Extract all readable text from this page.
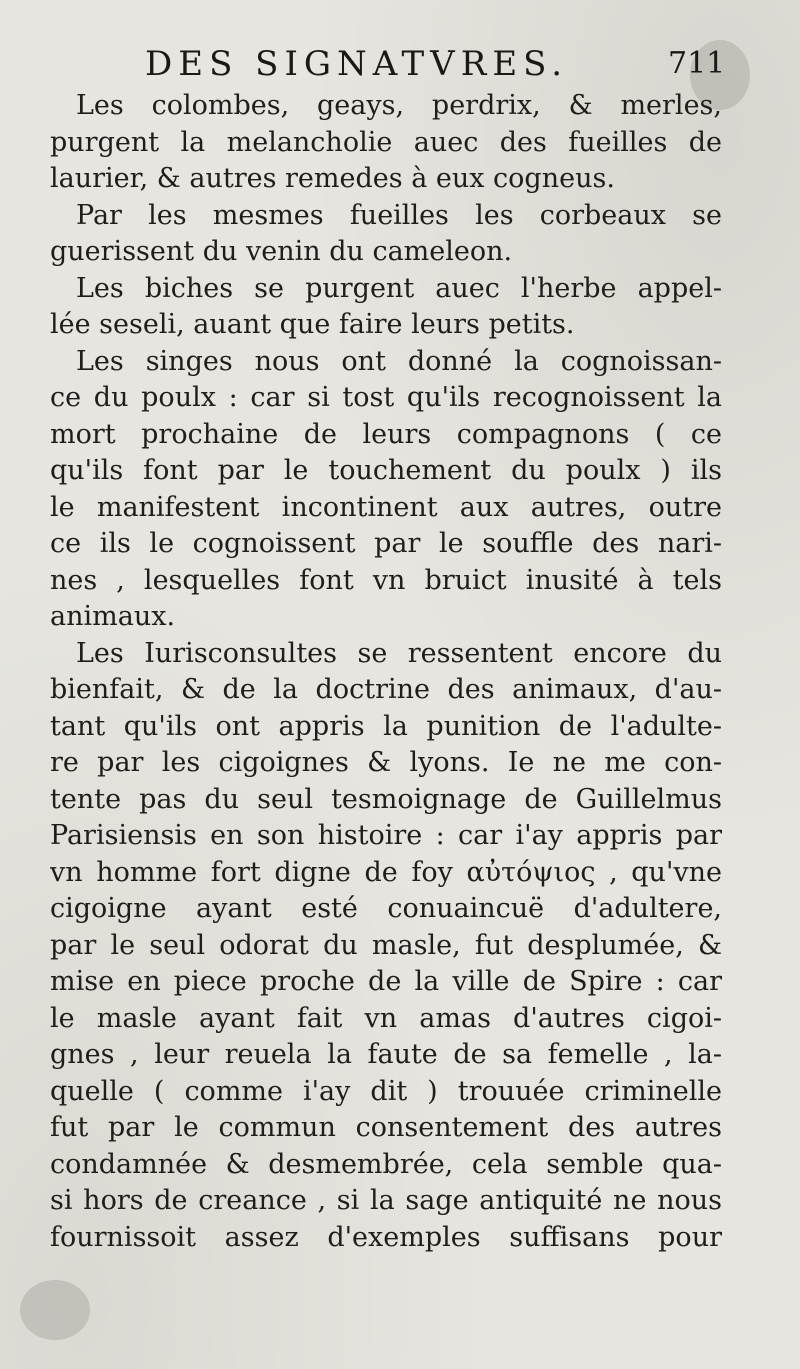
DES SIGNATVRES.	711
Les colombes, geays, perdrix, & merles,
purgent la melancholie auec des fueilles de
laurier, & autres remedes à eux cogneus.
Par les mesmes fueilles les corbeaux se
guerissent du venin du cameleon.
Les biches se purgent auec l'herbe appel-
lée seseli, auant que faire leurs petits.
Les singes nous ont donné la cognoissan-
ce du poulx : car si tost qu'ils recognoissent la
mort prochaine de leurs compagnons ( ce
qu'ils font par le touchement du poulx ) ils
le manifestent incontinent aux autres, outre
ce ils le cognoissent par le souffle des nari-
nes , lesquelles font vn bruict inusité à tels
animaux.
Les Iurisconsultes se ressentent encore du
bienfait, & de la doctrine des animaux, d'au-
tant qu'ils ont appris la punition de l'adulte-
re par les cigoignes & lyons. Ie ne me con-
tente pas du seul tesmoignage de Guillelmus
Parisiensis en son histoire : car i'ay appris par
vn homme fort digne de foy αὐτόψιος , qu'vne
cigoigne ayant esté conuaincuë d'adultere,
par le seul odorat du masle, fut desplumée, &
mise en piece proche de la ville de Spire : car
le masle ayant fait vn amas d'autres cigoi-
gnes , leur reuela la faute de sa femelle , la-
quelle ( comme i'ay dit ) trouuée criminelle
fut par le commun consentement des autres
condamnée & desmembrée, cela semble qua-
si hors de creance , si la sage antiquité ne nous
fournissoit assez d'exemples suffisans pour
